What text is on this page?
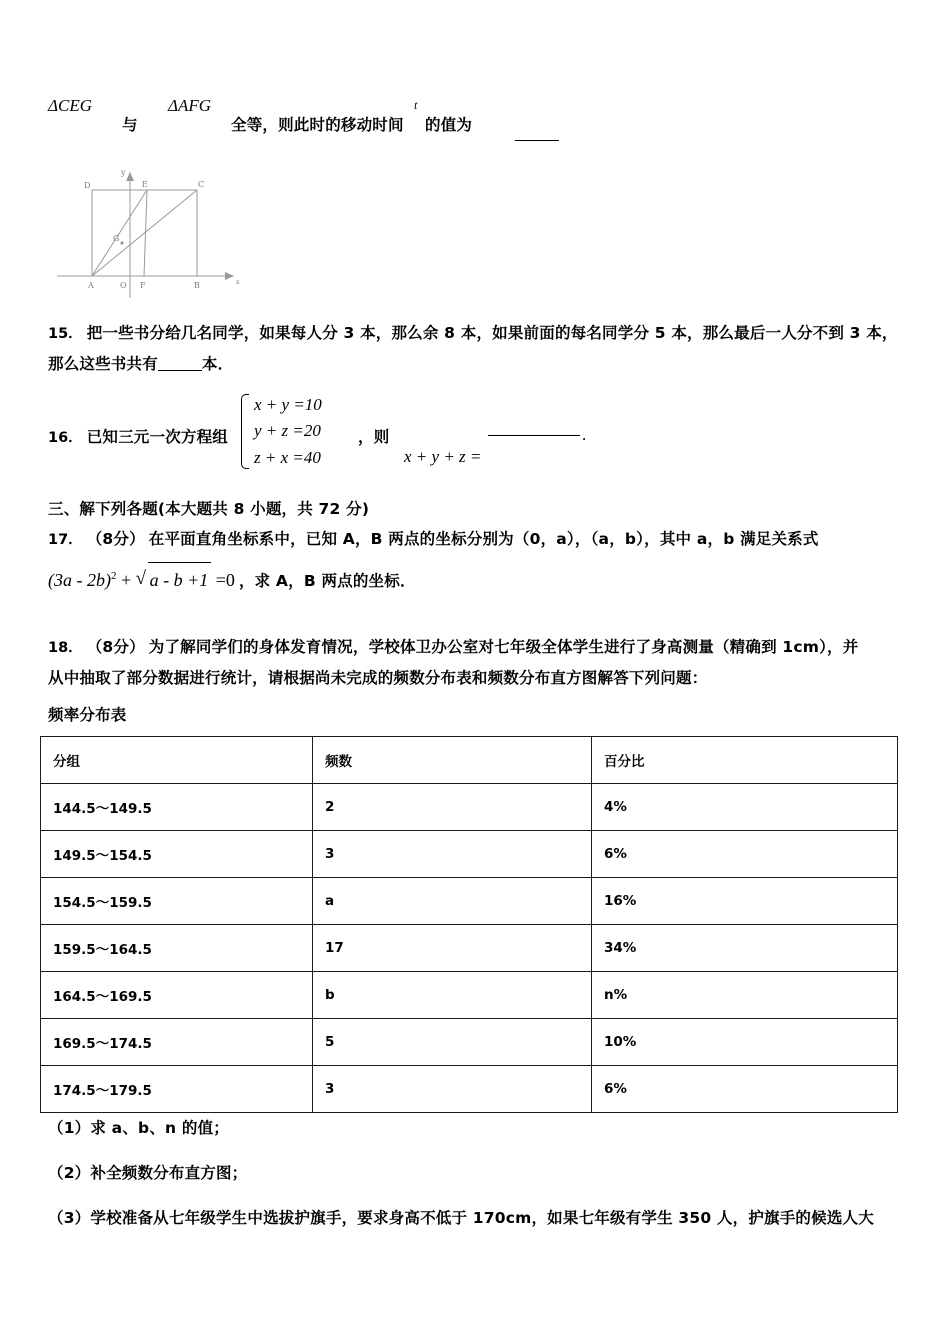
ΔCEG
与
ΔAFG
全等，则此时的移动时间
t
的值为
D	E	C
G
A	O F	B
y
x
15． 把一些书分给几名同学，如果每人分 3 本，那么余 8 本，如果前面的每名同学分 5 本，那么最后一人分不到 3 本，
那么这些书共有	本．
16． 已知三元一次方程组
x + y =10
y + z =20
z + x =40
，则
x + y + z =
.
三、解下列各题(本大题共 8 小题，共 72 分)
17． （8分） 在平面直角坐标系中，已知 A，B 两点的坐标分别为（0，a），（a，b），其中 a，b 满足关系式
(3a - 2b)$^2$ + √ a - b +1 =0 ，求 A，B 两点的坐标．
18． （8分） 为了解同学们的身体发育情况，学校体卫办公室对七年级全体学生进行了身高测量（精确到 1cm），并
从中抽取了部分数据进行统计，请根据尚未完成的频数分布表和频数分布直方图解答下列问题：
频率分布表
分组	频数	百分比
144.5～149.5	2	4%
149.5～154.5	3	6%
154.5～159.5	a	16%
159.5～164.5	17	34%
164.5～169.5	b	n%
169.5～174.5	5	10%
174.5～179.5	3	6%
（1）求 a、b、n 的值；
（2）补全频数分布直方图；
（3）学校准备从七年级学生中选拔护旗手，要求身高不低于 170cm，如果七年级有学生 350 人，护旗手的候选人大
